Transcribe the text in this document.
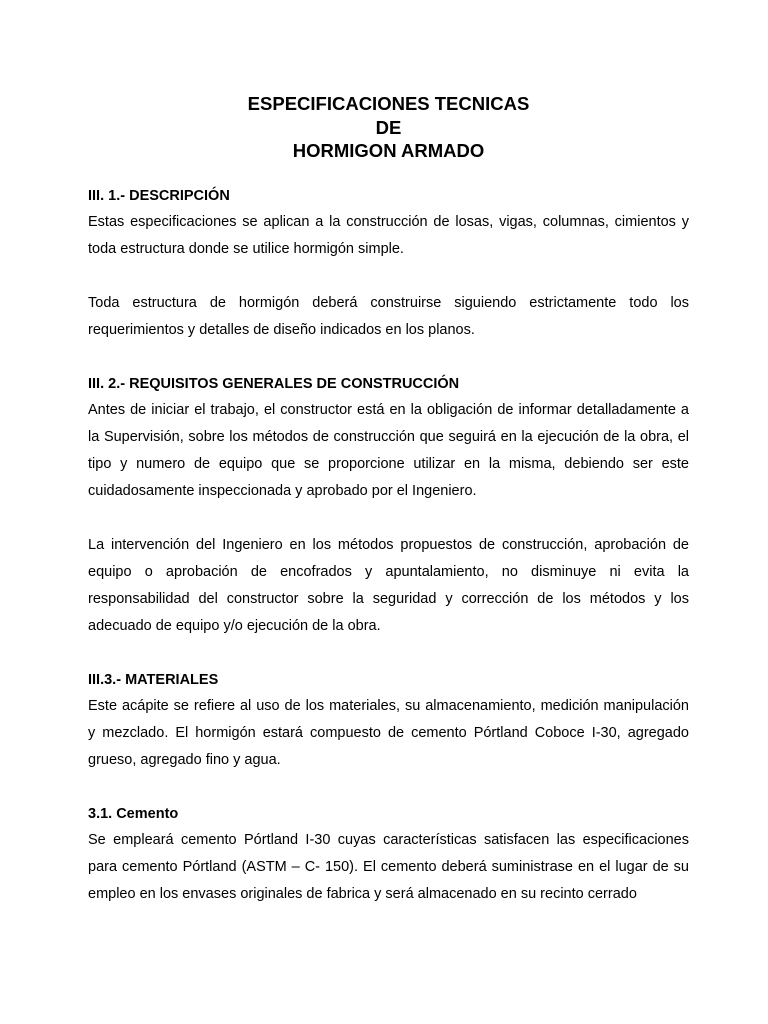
ESPECIFICACIONES TECNICAS
DE
HORMIGON ARMADO
III. 1.- DESCRIPCIÓN

Estas especificaciones se aplican a la construcción de losas, vigas, columnas, cimientos y toda estructura donde se utilice hormigón simple.

Toda estructura de hormigón deberá construirse siguiendo estrictamente todo los requerimientos y detalles de diseño indicados en los planos.

III. 2.- REQUISITOS GENERALES DE CONSTRUCCIÓN

Antes de iniciar el trabajo, el constructor está en la obligación de informar detalladamente a la Supervisión, sobre los métodos de construcción que seguirá en la ejecución de la obra, el tipo y numero de equipo que se proporcione utilizar en la misma, debiendo ser este cuidadosamente inspeccionada y aprobado por el Ingeniero.

La intervención del Ingeniero en los métodos propuestos de construcción, aprobación de equipo o aprobación de encofrados y apuntalamiento, no disminuye ni evita la responsabilidad del constructor sobre la seguridad y corrección de los métodos y los adecuado de equipo y/o ejecución de la obra.

III.3.- MATERIALES

Este acápite se refiere al uso de los materiales, su almacenamiento, medición manipulación y mezclado. El hormigón estará compuesto de cemento Pórtland Coboce I-30, agregado grueso, agregado fino y agua.

3.1. Cemento

Se empleará cemento Pórtland I-30 cuyas características satisfacen las especificaciones para cemento Pórtland (ASTM – C- 150). El cemento deberá suministrase en el lugar de su empleo en los envases originales de fabrica y será almacenado en su recinto cerrado
